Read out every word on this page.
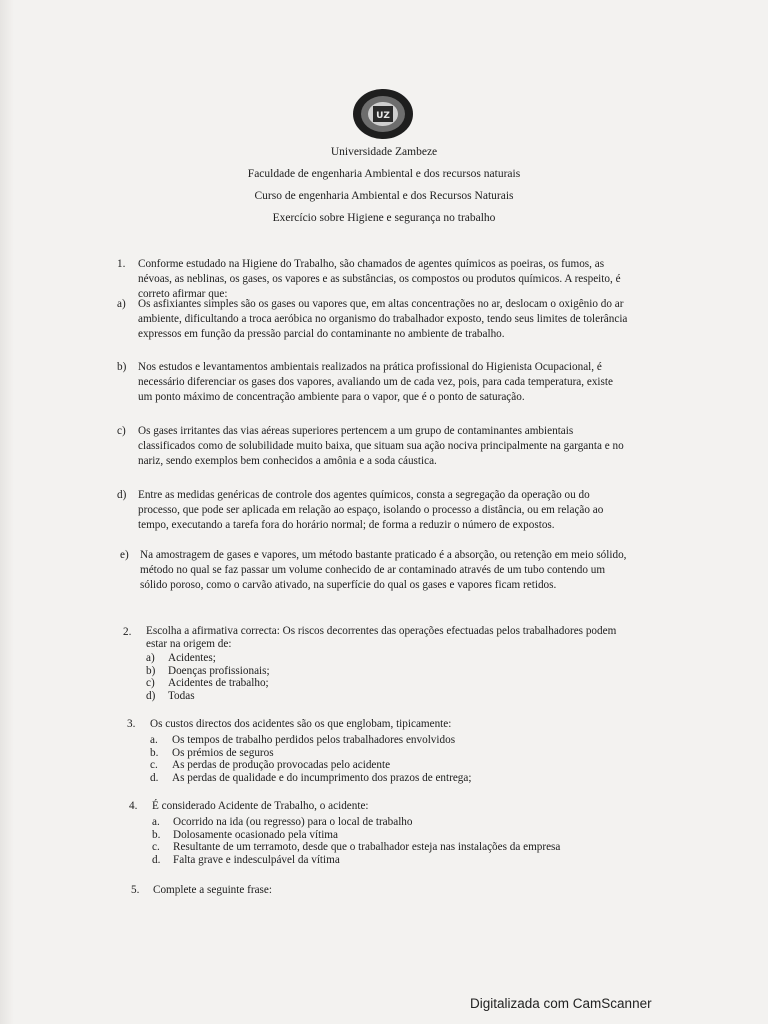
UZ
Universidade Zambeze
Faculdade de engenharia Ambiental e dos recursos naturais
Curso de engenharia Ambiental e dos Recursos Naturais
Exercício sobre Higiene e segurança no trabalho
1. Conforme estudado na Higiene do Trabalho, são chamados de agentes químicos as poeiras, os fumos, as
névoas, as neblinas, os gases, os vapores e as substâncias, os compostos ou produtos químicos. A respeito, é
correto afirmar que:
a) Os asfixiantes simples são os gases ou vapores que, em altas concentrações no ar, deslocam o oxigênio do ar
ambiente, dificultando a troca aeróbica no organismo do trabalhador exposto, tendo seus limites de tolerância
expressos em função da pressão parcial do contaminante no ambiente de trabalho.
b) Nos estudos e levantamentos ambientais realizados na prática profissional do Higienista Ocupacional, é
necessário diferenciar os gases dos vapores, avaliando um de cada vez, pois, para cada temperatura, existe
um ponto máximo de concentração ambiente para o vapor, que é o ponto de saturação.
c) Os gases irritantes das vias aéreas superiores pertencem a um grupo de contaminantes ambientais
classificados como de solubilidade muito baixa, que situam sua ação nociva principalmente na garganta e no
nariz, sendo exemplos bem conhecidos a amônia e a soda cáustica.
d) Entre as medidas genéricas de controle dos agentes químicos, consta a segregação da operação ou do
processo, que pode ser aplicada em relação ao espaço, isolando o processo a distância, ou em relação ao
tempo, executando a tarefa fora do horário normal; de forma a reduzir o número de expostos.
e) Na amostragem de gases e vapores, um método bastante praticado é a absorção, ou retenção em meio sólido,
método no qual se faz passar um volume conhecido de ar contaminado através de um tubo contendo um
sólido poroso, como o carvão ativado, na superfície do qual os gases e vapores ficam retidos.
2. Escolha a afirmativa correcta: Os riscos decorrentes das operações efectuadas pelos trabalhadores podem
estar na origem de:
a)
b)
c)
d)
Acidentes;
Doenças profissionais;
Acidentes de trabalho;
Todas
3. Os custos directos dos acidentes são os que englobam, tipicamente:
a.
b.
c.
d.
Os tempos de trabalho perdidos pelos trabalhadores envolvidos
Os prémios de seguros
As perdas de produção provocadas pelo acidente
As perdas de qualidade e do incumprimento dos prazos de entrega;
4. É considerado Acidente de Trabalho, o acidente:
a.
b.
c.
d.
Ocorrido na ida (ou regresso) para o local de trabalho
Dolosamente ocasionado pela vítima
Resultante de um terramoto, desde que o trabalhador esteja nas instalações da empresa
Falta grave e indesculpável da vítima
5. Complete a seguinte frase:
Digitalizada com CamScanner
